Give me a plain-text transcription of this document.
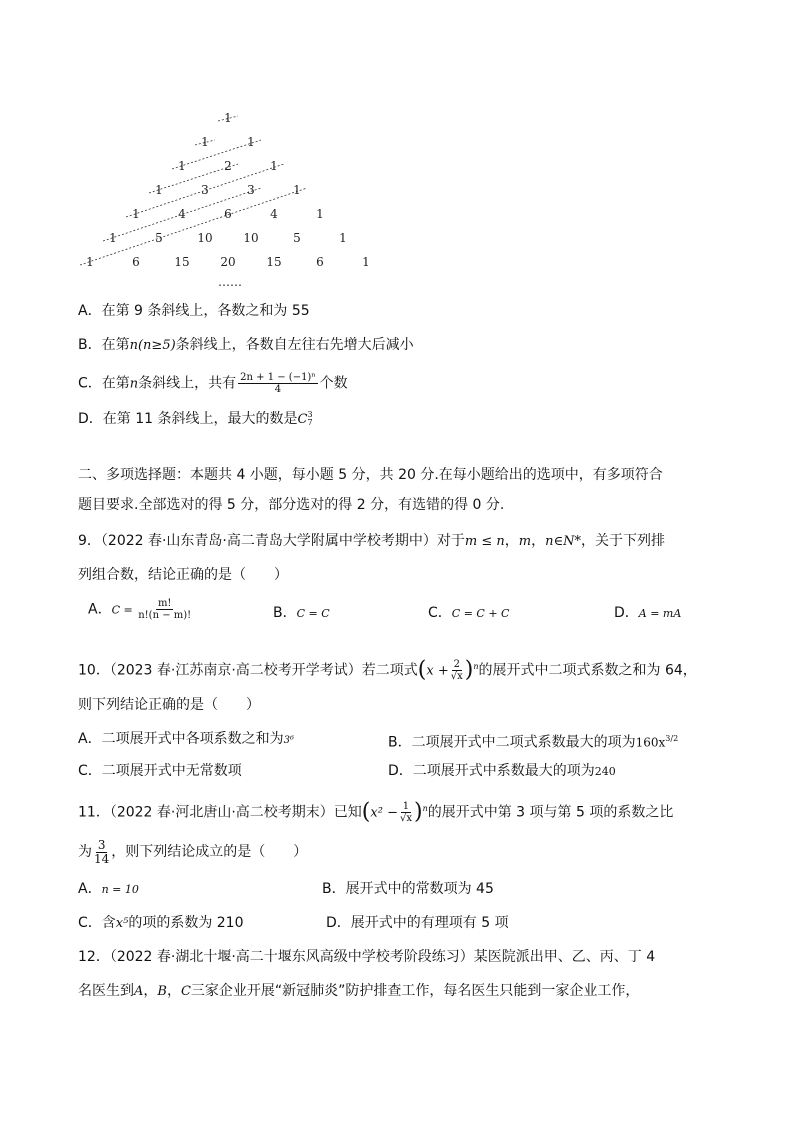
1
1	1
1	2	1
1	3	3	1
1	4	6	4	1
1	5	10	10	5	1
1	6	15	20	15	6	1
……
A．在第 9 条斜线上，各数之和为 55
B．在第n(n≥5)条斜线上，各数自左往右先增大后减小
C．在第n条斜线上，共有 $\frac{\text{2n + 1 − (−1)ⁿ}}{4}$ 个数
D．在第 11 条斜线上，最大的数是C 3
7
二、多项选择题：本题共 4 小题，每小题 5 分，共 20 分.在每小题给出的选项中，有多项符合
题目要求.全部选对的得 5 分，部分选对的得 2 分，有选错的得 0 分.
9．（2022 春·山东青岛·高二青岛大学附属中学校考期中）对于m ≤ n，m，n∈N*，关于下列排
列组合数，结论正确的是（　　）
A．$C = \frac{m!}{n!(n - m)!}$	B．C = C	C．C = C + C	D．A = mA
10．（2023 春·江苏南京·高二校考开学考试）若二项式$(x + \frac{2}{√x} )^n$的展开式中二项式系数之和为 64，
则下列结论正确的是（　　）
A．二项展开式中各项系数之和为3⁶	B．二项展开式中二项式系数最大的项为$160x^{3/2}$
C．二项展开式中无常数项	D．二项展开式中系数最大的项为240
11．（2022 春·河北唐山·高二校考期末）已知$(x^2 - \frac{1}{√x} )^n$的展开式中第 3 项与第 5 项的系数之比
为 $\frac{3}{14}$ ，则下列结论成立的是（　　）
A．n = 10	B．展开式中的常数项为 45
C．含x⁵的项的系数为 210	D．展开式中的有理项有 5 项
12．（2022 春·湖北十堰·高二十堰东风高级中学校考阶段练习）某医院派出甲、乙、丙、丁 4
名医生到A，B，C三家企业开展“新冠肺炎”防护排查工作，每名医生只能到一家企业工作，
